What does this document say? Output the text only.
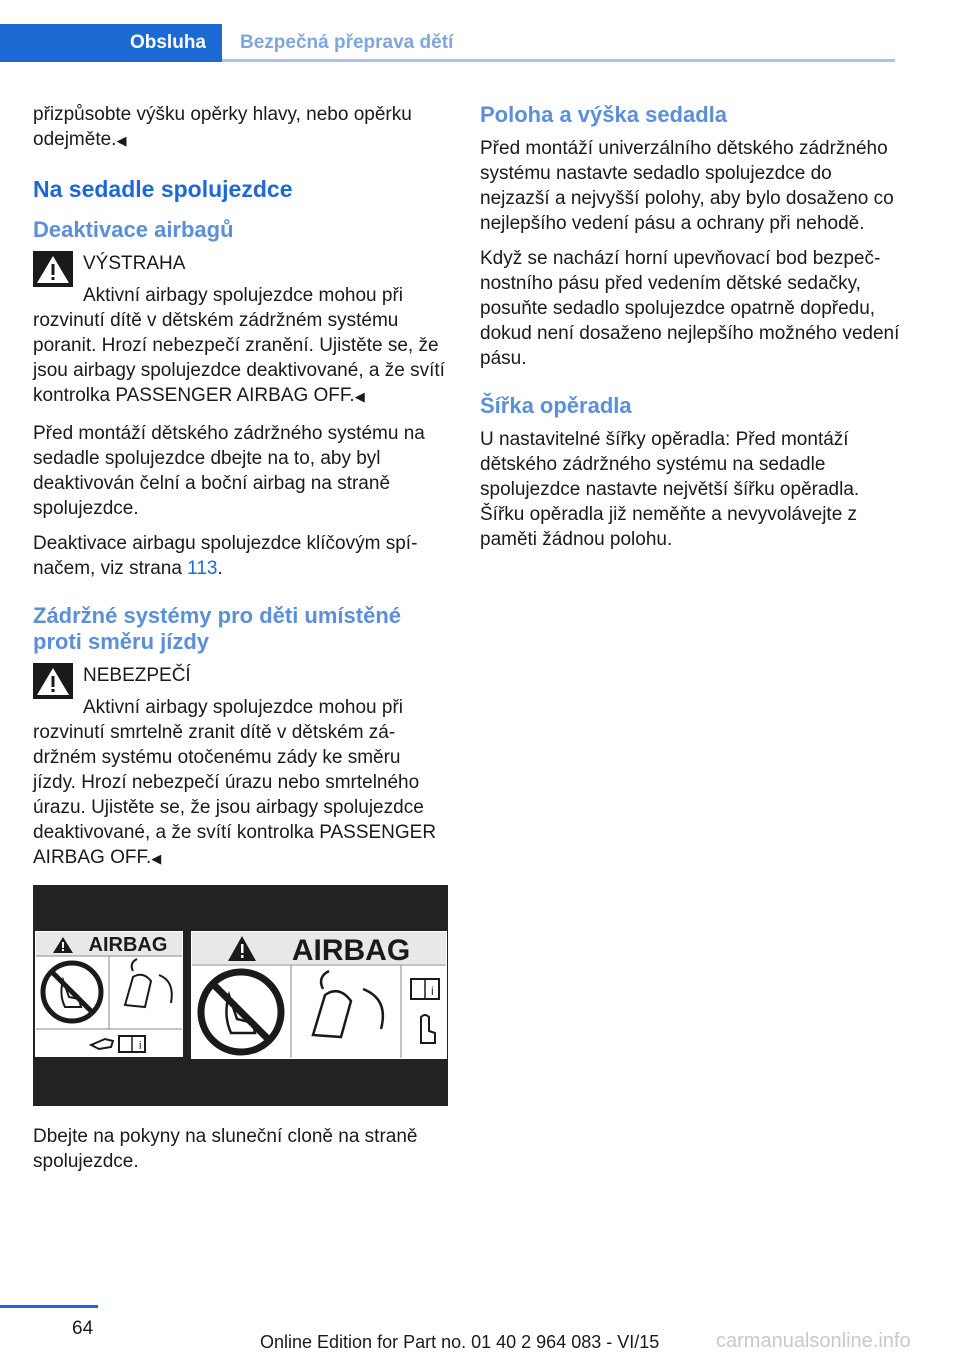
Obsluha Bezpečná přeprava dětí

přizpůsobte výšku opěrky hlavy, nebo opěrku odejměte.◀

Na sedadle spolujezdce
Deaktivace airbagů
VÝSTRAHA

Aktivní airbagy spolujezdce mohou při rozvinutí dítě v dětském zádržném systému poranit. Hrozí nebezpečí zranění. Ujistěte se, že jsou airbagy spolujezdce deaktivované, a že svítí kontrolka PASSENGER AIRBAG OFF.◀

Před montáží dětského zádržného systému na sedadle spolujezdce dbejte na to, aby byl deaktivován čelní a boční airbag na straně spolujezdce.

Deaktivace airbagu spolujezdce klíčovým spínačem, viz strana 113.

Zádržné systémy pro děti umístěné proti směru jízdy
NEBEZPEČÍ

Aktivní airbagy spolujezdce mohou při rozvinutí smrtelně zranit dítě v dětském zádržném systému otočenému zády ke směru jízdy. Hrozí nebezpečí úrazu nebo smrtelného úrazu. Ujistěte se, že jsou airbagy spolujezdce deaktivované, a že svítí kontrolka PASSENGER AIRBAG OFF.◀

AIRBAG
i
AIRBAG
i

Dbejte na pokyny na sluneční cloně na straně spolujezdce.

Poloha a výška sedadla

Před montáží univerzálního dětského zádržného systému nastavte sedadlo spolujezdce do nejzazší a nejvyšší polohy, aby bylo dosaženo co nejlepšího vedení pásu a ochrany při nehodě.

Když se nachází horní upevňovací bod bezpečnostního pásu před vedením dětské sedačky, posuňte sedadlo spolujezdce opatrně dopředu, dokud není dosaženo nejlepšího možného vedení pásu.

Šířka opěradla

U nastavitelné šířky opěradla: Před montáží dětského zádržného systému na sedadle spolujezdce nastavte největší šířku opěradla. Šířku opěradla již neměňte a nevyvolávejte z paměti žádnou polohu.

64
Online Edition for Part no. 01 40 2 964 083 - VI/15	carmanualsonline.info
